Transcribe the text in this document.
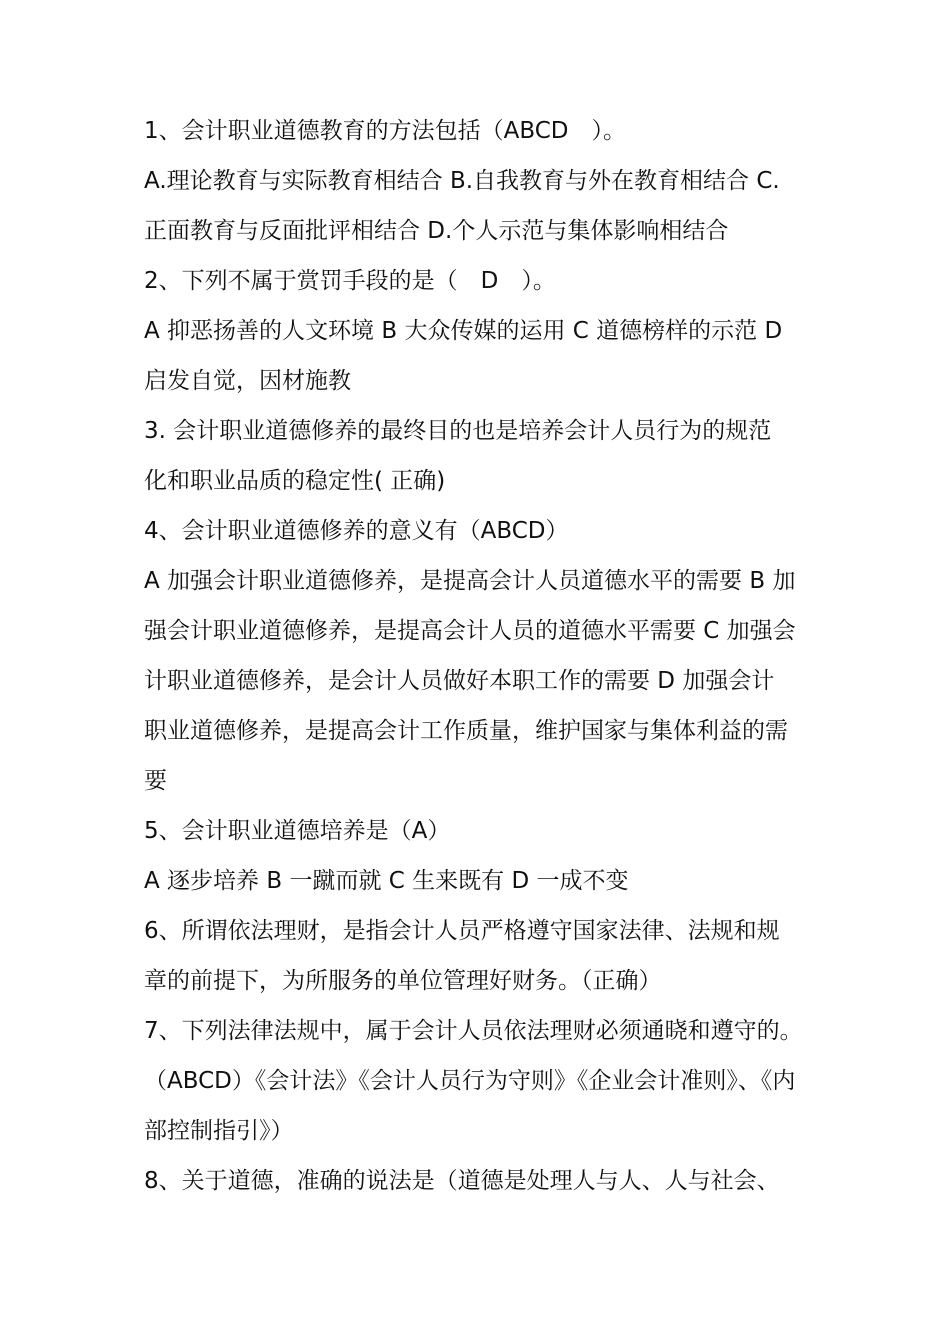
1、会计职业道德教育的方法包括（ABCD　）。
A.理论教育与实际教育相结合 B.自我教育与外在教育相结合 C.
正面教育与反面批评相结合 D.个人示范与集体影响相结合
2、下列不属于赏罚手段的是（　D　）。
A 抑恶扬善的人文环境 B 大众传媒的运用 C 道德榜样的示范 D
启发自觉，因材施教
3. 会计职业道德修养的最终目的也是培养会计人员行为的规范
化和职业品质的稳定性( 正确)
4、会计职业道德修养的意义有（ABCD）
A 加强会计职业道德修养，是提高会计人员道德水平的需要 B 加
强会计职业道德修养，是提高会计人员的道德水平需要 C 加强会
计职业道德修养，是会计人员做好本职工作的需要 D 加强会计
职业道德修养，是提高会计工作质量，维护国家与集体利益的需
要
5、会计职业道德培养是（A）
A 逐步培养 B 一蹴而就 C 生来既有 D 一成不变
6、所谓依法理财，是指会计人员严格遵守国家法律、法规和规
章的前提下，为所服务的单位管理好财务。（正确）
7、下列法律法规中，属于会计人员依法理财必须通晓和遵守的。
（ABCD）《会计法》《会计人员行为守则》《企业会计准则》、《内
部控制指引》）
8、关于道德，准确的说法是（道德是处理人与人、人与社会、
